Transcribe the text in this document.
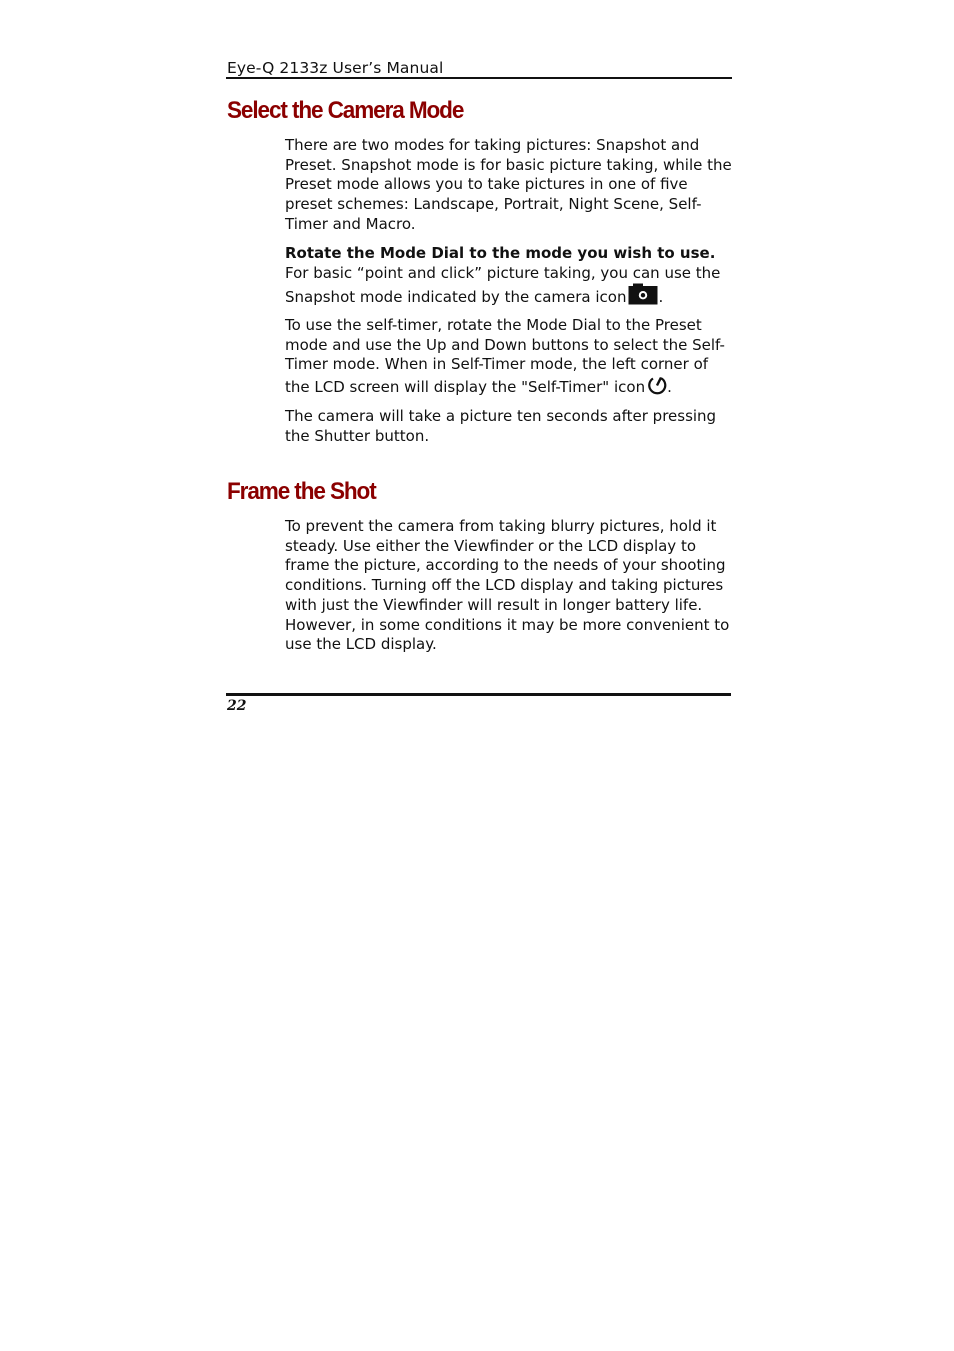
Eye-Q 2133z User’s Manual
Select the Camera Mode

There are two modes for taking pictures: Snapshot and Preset. Snapshot mode is for basic picture taking, while the Preset mode allows you to take pictures in one of five preset schemes: Landscape, Portrait, Night Scene, Self-Timer and Macro.

Rotate the Mode Dial to the mode you wish to use. For basic “point and click” picture taking, you can use the Snapshot mode indicated by the camera icon .

To use the self-timer, rotate the Mode Dial to the Preset mode and use the Up and Down buttons to select the Self-Timer mode. When in Self-Timer mode, the left corner of the LCD screen will display the "Self-Timer" icon .

The camera will take a picture ten seconds after pressing the Shutter button.

Frame the Shot

To prevent the camera from taking blurry pictures, hold it steady. Use either the Viewfinder or the LCD display to frame the picture, according to the needs of your shooting conditions. Turning off the LCD display and taking pictures with just the Viewfinder will result in longer battery life. However, in some conditions it may be more convenient to use the LCD display.

22
